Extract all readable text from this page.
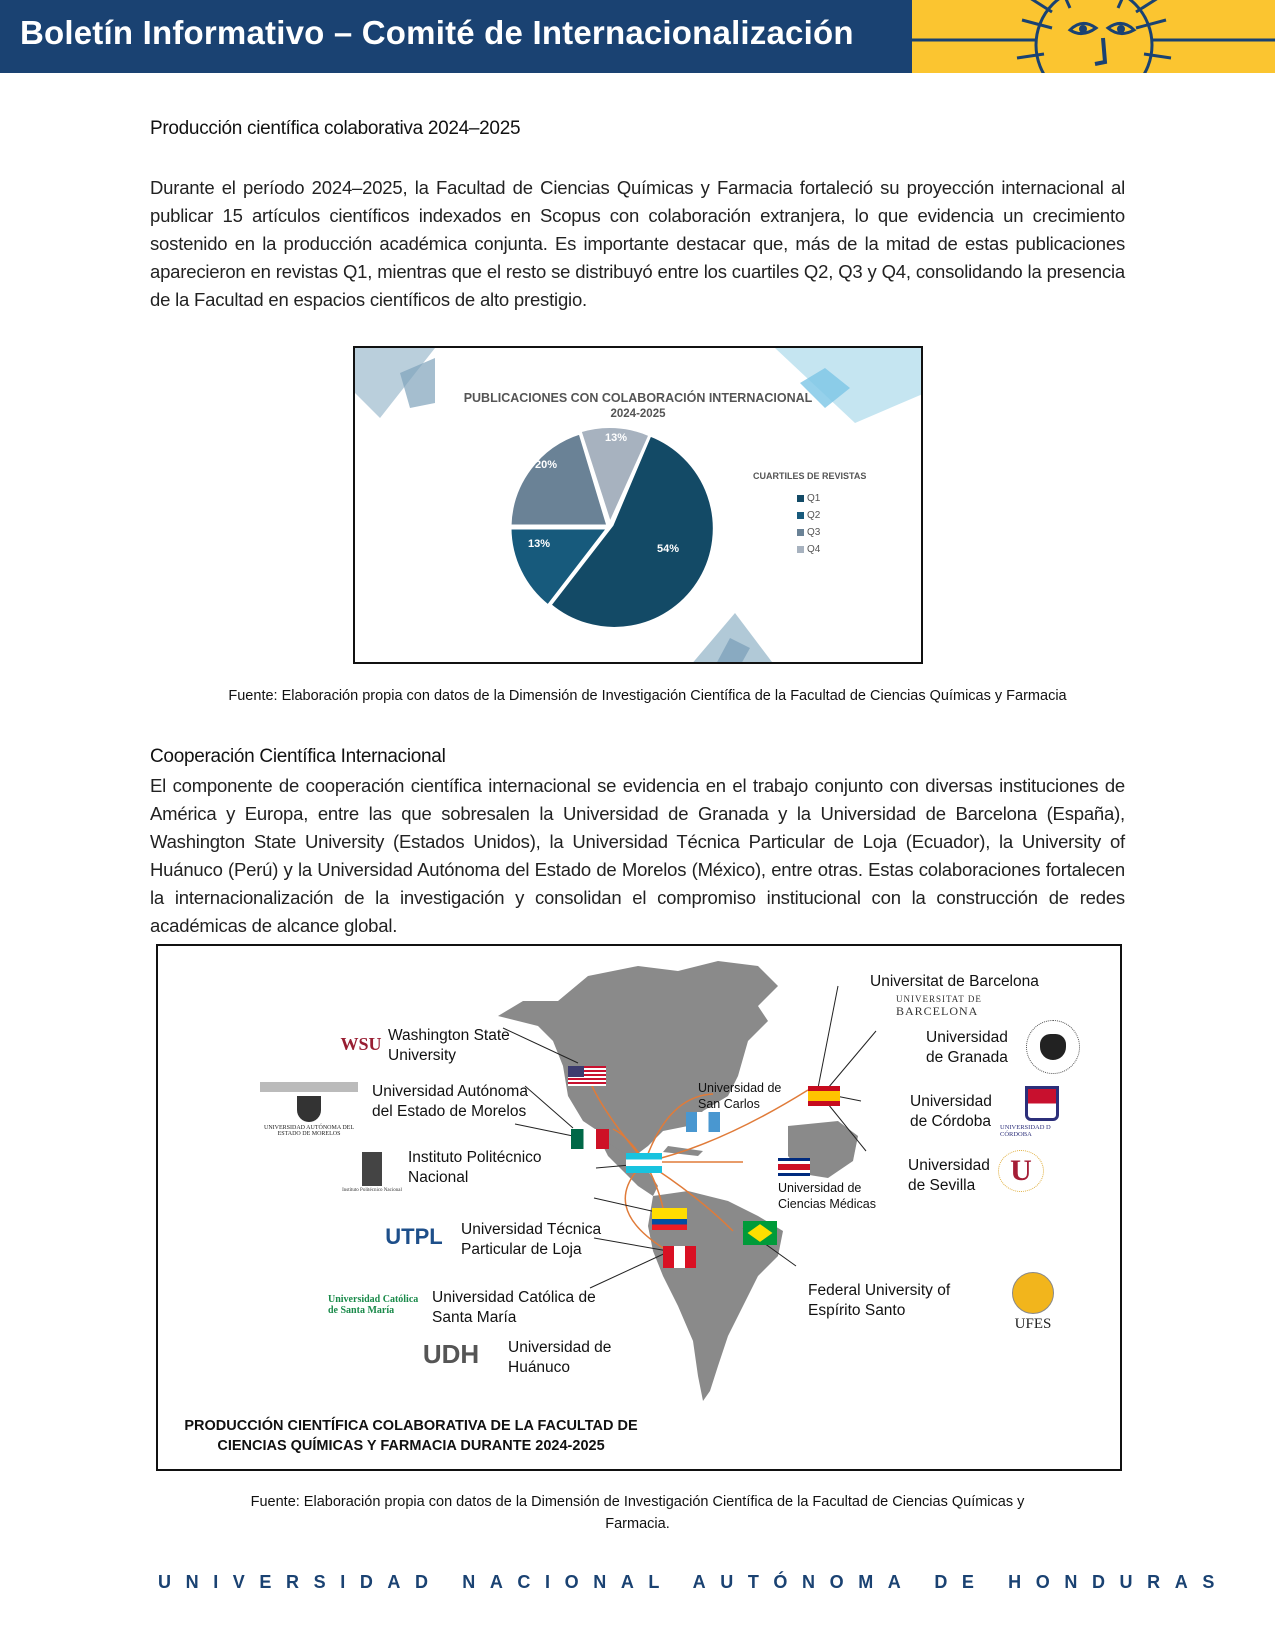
Boletín Informativo – Comité de Internacionalización
Producción científica colaborativa 2024–2025
Durante el período 2024–2025, la Facultad de Ciencias Químicas y Farmacia fortaleció su proyección internacional al publicar 15 artículos científicos indexados en Scopus con colaboración extranjera, lo que evidencia un crecimiento sostenido en la producción académica conjunta. Es importante destacar que, más de la mitad de estas publicaciones aparecieron en revistas Q1, mientras que el resto se distribuyó entre los cuartiles Q2, Q3 y Q4, consolidando la presencia de la Facultad en espacios científicos de alto prestigio.
PUBLICACIONES CON COLABORACIÓN INTERNACIONAL
2024-2025
54%
13%
20%
13%
CUARTILES DE REVISTAS
Q1
Q2
Q3
Q4
Fuente: Elaboración propia con datos de la Dimensión de Investigación Científica de la Facultad de Ciencias Químicas y Farmacia
Cooperación Científica Internacional
El componente de cooperación científica internacional se evidencia en el trabajo conjunto con diversas instituciones de América y Europa, entre las que sobresalen la Universidad de Granada y la Universidad de Barcelona (España), Washington State University (Estados Unidos), la Universidad Técnica Particular de Loja (Ecuador), la University of Huánuco (Perú) y la Universidad Autónoma del Estado de Morelos (México), entre otras. Estas colaboraciones fortalecen la internacionalización de la investigación y consolidan el compromiso institucional con la construcción de redes académicas de alcance global.
WSU Washington State
University
UNIVERSIDAD AUTÓNOMA DEL ESTADO DE MORELOS
Universidad Autónoma
del Estado de Morelos
Instituto Politécnico Nacional
Instituto Politécnico
Nacional
UTPL	Universidad Técnica
Particular de Loja
Universidad Católica
de Santa María
Universidad Católica de
Santa María
UDH	Universidad de
Huánuco
PRODUCCIÓN CIENTÍFICA COLABORATIVA DE LA FACULTAD DE
CIENCIAS QUÍMICAS Y FARMACIA DURANTE 2024-2025
Universidad de
San Carlos
Universidad de
Ciencias Médicas
Universitat de Barcelona
UNIVERSITAT DE
BARCELONA
Universidad
de Granada
Universidad
de Córdoba UNIVERSIDAD D CÓRDOBA
Universidad
de Sevilla	U
Federal University of
Espírito Santo
UFES
Fuente: Elaboración propia con datos de la Dimensión de Investigación Científica de la Facultad de Ciencias Químicas y
Farmacia.
UNIVERSIDAD NACIONAL AUTÓNOMA DE HONDURAS
